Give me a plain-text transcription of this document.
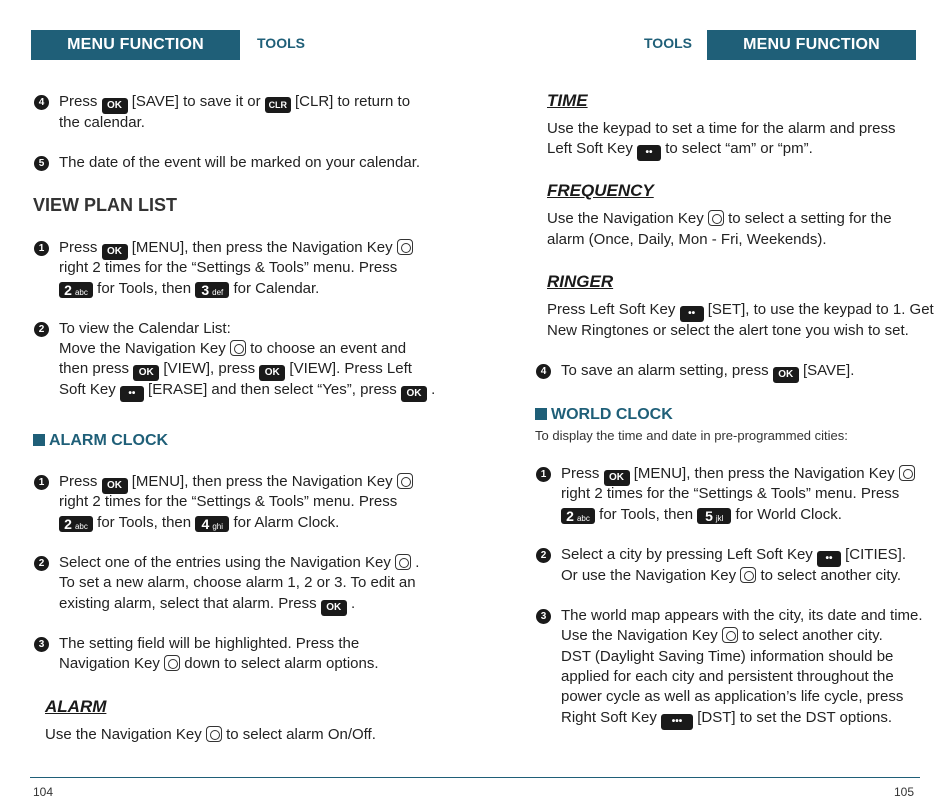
MENU FUNCTION	TOOLS	TOOLS	MENU FUNCTION
4 Press OK [SAVE] to save it or CLR [CLR] to return to
the calendar.
5 The date of the event will be marked on your calendar.
VIEW PLAN LIST
1 Press OK [MENU], then press the Navigation Key
right 2 times for the “Settings & Tools” menu. Press
2 abc for Tools, then 3 def for Calendar.
2 To view the Calendar List:
Move the Navigation Key to choose an event and
then press OK [VIEW], press OK [VIEW]. Press Left
Soft Key •• [ERASE] and then select “Yes”, press OK .
ALARM CLOCK
1 Press OK [MENU], then press the Navigation Key
right 2 times for the “Settings & Tools” menu. Press
2 abc for Tools, then 4 ghi for Alarm Clock.
2 Select one of the entries using the Navigation Key .
To set a new alarm, choose alarm 1, 2 or 3. To edit an
existing alarm, select that alarm. Press OK .
3 The setting field will be highlighted. Press the
Navigation Key down to select alarm options.
ALARM
Use the Navigation Key to select alarm On/Off.
TIME
Use the keypad to set a time for the alarm and press
Left Soft Key •• to select “am” or “pm”.
FREQUENCY
Use the Navigation Key to select a setting for the
alarm (Once, Daily, Mon - Fri, Weekends).
RINGER
Press Left Soft Key •• [SET], to use the keypad to 1. Get
New Ringtones or select the alert tone you wish to set.
4 To save an alarm setting, press OK [SAVE].
WORLD CLOCK
To display the time and date in pre-programmed cities:
1 Press OK [MENU], then press the Navigation Key
right 2 times for the “Settings & Tools” menu. Press
2 abc for Tools, then 5 jkl for World Clock.
2 Select a city by pressing Left Soft Key •• [CITIES].
Or use the Navigation Key to select another city.
3 The world map appears with the city, its date and time.
Use the Navigation Key to select another city.
DST (Daylight Saving Time) information should be
applied for each city and persistent throughout the
power cycle as well as application’s life cycle, press
Right Soft Key ••• [DST] to set the DST options.
104	105
